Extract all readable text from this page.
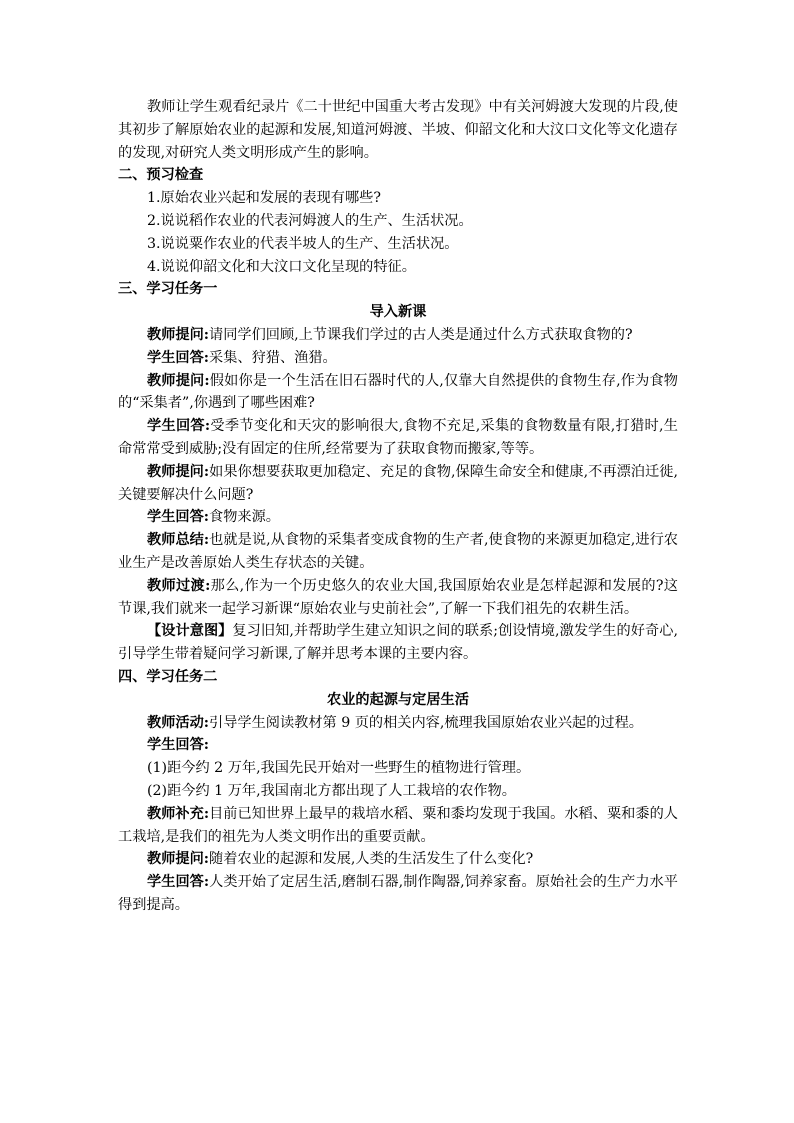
教师让学生观看纪录片《二十世纪中国重大考古发现》中有关河姆渡大发现的片段,使其初步了解原始农业的起源和发展,知道河姆渡、半坡、仰韶文化和大汶口文化等文化遗存的发现,对研究人类文明形成产生的影响。
二、预习检查
1.原始农业兴起和发展的表现有哪些?
2.说说稻作农业的代表河姆渡人的生产、生活状况。
3.说说粟作农业的代表半坡人的生产、生活状况。
4.说说仰韶文化和大汶口文化呈现的特征。
三、学习任务一
导入新课
教师提问:请同学们回顾,上节课我们学过的古人类是通过什么方式获取食物的?
学生回答:采集、狩猎、渔猎。
教师提问:假如你是一个生活在旧石器时代的人,仅靠大自然提供的食物生存,作为食物的“采集者”,你遇到了哪些困难?
学生回答:受季节变化和天灾的影响很大,食物不充足,采集的食物数量有限,打猎时,生命常常受到威胁;没有固定的住所,经常要为了获取食物而搬家,等等。
教师提问:如果你想要获取更加稳定、充足的食物,保障生命安全和健康,不再漂泊迁徙,关键要解决什么问题?
学生回答:食物来源。
教师总结:也就是说,从食物的采集者变成食物的生产者,使食物的来源更加稳定,进行农业生产是改善原始人类生存状态的关键。
教师过渡:那么,作为一个历史悠久的农业大国,我国原始农业是怎样起源和发展的?这节课,我们就来一起学习新课“原始农业与史前社会”,了解一下我们祖先的农耕生活。
【设计意图】复习旧知,并帮助学生建立知识之间的联系;创设情境,激发学生的好奇心,引导学生带着疑问学习新课,了解并思考本课的主要内容。
四、学习任务二
农业的起源与定居生活
教师活动:引导学生阅读教材第 9 页的相关内容,梳理我国原始农业兴起的过程。
学生回答:
(1)距今约 2 万年,我国先民开始对一些野生的植物进行管理。
(2)距今约 1 万年,我国南北方都出现了人工栽培的农作物。
教师补充:目前已知世界上最早的栽培水稻、粟和黍均发现于我国。水稻、粟和黍的人工栽培,是我们的祖先为人类文明作出的重要贡献。
教师提问:随着农业的起源和发展,人类的生活发生了什么变化?
学生回答:人类开始了定居生活,磨制石器,制作陶器,饲养家畜。原始社会的生产力水平得到提高。
